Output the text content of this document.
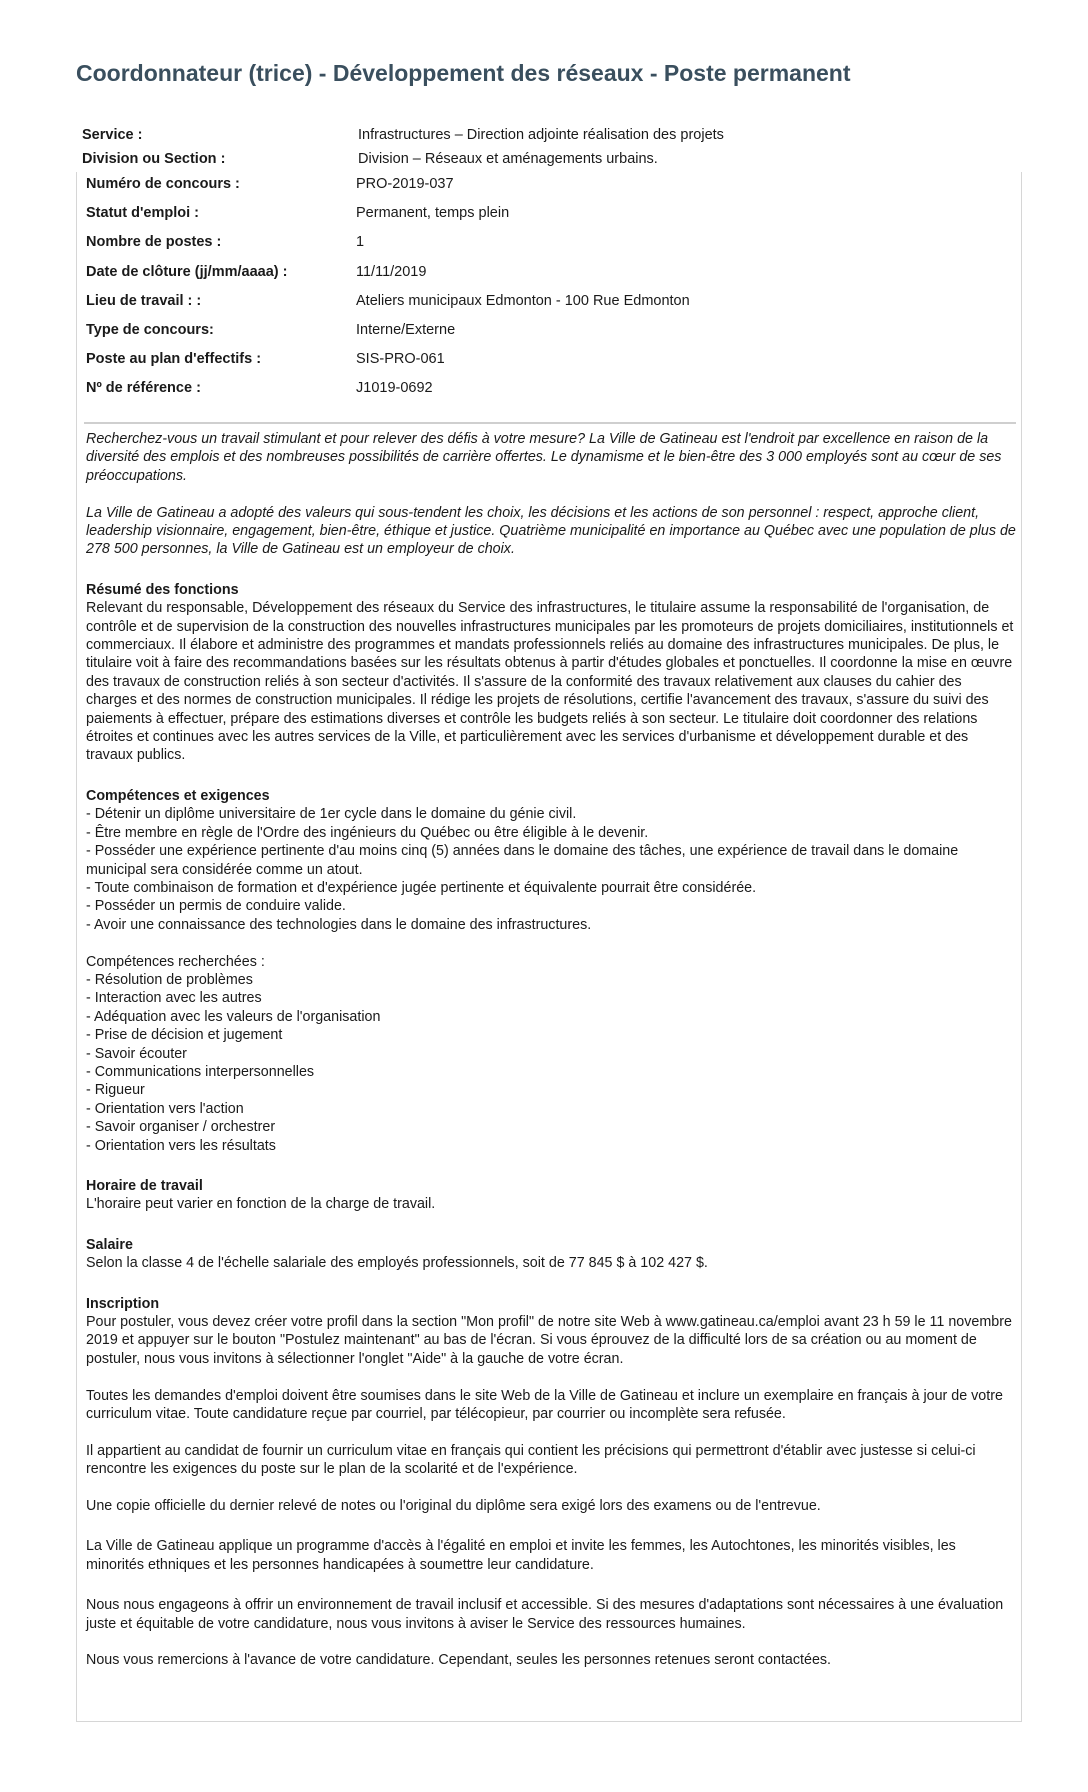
Coordonnateur (trice) - Développement des réseaux - Poste permanent
Service :	Infrastructures – Direction adjointe réalisation des projets
Division ou Section :	Division – Réseaux et aménagements urbains.
Numéro de concours :	PRO-2019-037
Statut d'emploi :	Permanent, temps plein
Nombre de postes :	1
Date de clôture (jj/mm/aaaa) :	11/11/2019
Lieu de travail : :	Ateliers municipaux Edmonton - 100 Rue Edmonton
Type de concours:	Interne/Externe
Poste au plan d'effectifs :	SIS-PRO-061
Nº de référence :	J1019-0692

Recherchez-vous un travail stimulant et pour relever des défis à votre mesure? La Ville de Gatineau est l'endroit par excellence en raison de la diversité des emplois et des nombreuses possibilités de carrière offertes. Le dynamisme et le bien-être des 3 000 employés sont au cœur de ses préoccupations.

La Ville de Gatineau a adopté des valeurs qui sous-tendent les choix, les décisions et les actions de son personnel : respect, approche client, leadership visionnaire, engagement, bien-être, éthique et justice. Quatrième municipalité en importance au Québec avec une population de plus de 278 500 personnes, la Ville de Gatineau est un employeur de choix.

Résumé des fonctions

Relevant du responsable, Développement des réseaux du Service des infrastructures, le titulaire assume la responsabilité de l'organisation, de contrôle et de supervision de la construction des nouvelles infrastructures municipales par les promoteurs de projets domiciliaires, institutionnels et commerciaux. Il élabore et administre des programmes et mandats professionnels reliés au domaine des infrastructures municipales. De plus, le titulaire voit à faire des recommandations basées sur les résultats obtenus à partir d'études globales et ponctuelles. Il coordonne la mise en œuvre des travaux de construction reliés à son secteur d'activités. Il s'assure de la conformité des travaux relativement aux clauses du cahier des charges et des normes de construction municipales. Il rédige les projets de résolutions, certifie l'avancement des travaux, s'assure du suivi des paiements à effectuer, prépare des estimations diverses et contrôle les budgets reliés à son secteur. Le titulaire doit coordonner des relations étroites et continues avec les autres services de la Ville, et particulièrement avec les services d'urbanisme et développement durable et des travaux publics.

Compétences et exigences

- Détenir un diplôme universitaire de 1er cycle dans le domaine du génie civil.
- Être membre en règle de l'Ordre des ingénieurs du Québec ou être éligible à le devenir.
- Posséder une expérience pertinente d'au moins cinq (5) années dans le domaine des tâches, une expérience de travail dans le domaine municipal sera considérée comme un atout.
- Toute combinaison de formation et d'expérience jugée pertinente et équivalente pourrait être considérée.
- Posséder un permis de conduire valide.
- Avoir une connaissance des technologies dans le domaine des infrastructures.

Compétences recherchées :

- Résolution de problèmes
- Interaction avec les autres
- Adéquation avec les valeurs de l'organisation
- Prise de décision et jugement
- Savoir écouter
- Communications interpersonnelles
- Rigueur
- Orientation vers l'action
- Savoir organiser / orchestrer
- Orientation vers les résultats

Horaire de travail

L'horaire peut varier en fonction de la charge de travail.

Salaire

Selon la classe 4 de l'échelle salariale des employés professionnels, soit de 77 845 $ à 102 427 $.

Inscription

Pour postuler, vous devez créer votre profil dans la section "Mon profil" de notre site Web à www.gatineau.ca/emploi avant 23 h 59 le 11 novembre 2019 et appuyer sur le bouton "Postulez maintenant" au bas de l'écran. Si vous éprouvez de la difficulté lors de sa création ou au moment de postuler, nous vous invitons à sélectionner l'onglet "Aide" à la gauche de votre écran.

Toutes les demandes d'emploi doivent être soumises dans le site Web de la Ville de Gatineau et inclure un exemplaire en français à jour de votre curriculum vitae. Toute candidature reçue par courriel, par télécopieur, par courrier ou incomplète sera refusée.

Il appartient au candidat de fournir un curriculum vitae en français qui contient les précisions qui permettront d'établir avec justesse si celui-ci rencontre les exigences du poste sur le plan de la scolarité et de l'expérience.

Une copie officielle du dernier relevé de notes ou l'original du diplôme sera exigé lors des examens ou de l'entrevue.

La Ville de Gatineau applique un programme d'accès à l'égalité en emploi et invite les femmes, les Autochtones, les minorités visibles, les minorités ethniques et les personnes handicapées à soumettre leur candidature.

Nous nous engageons à offrir un environnement de travail inclusif et accessible. Si des mesures d'adaptations sont nécessaires à une évaluation juste et équitable de votre candidature, nous vous invitons à aviser le Service des ressources humaines.

Nous vous remercions à l'avance de votre candidature. Cependant, seules les personnes retenues seront contactées.
